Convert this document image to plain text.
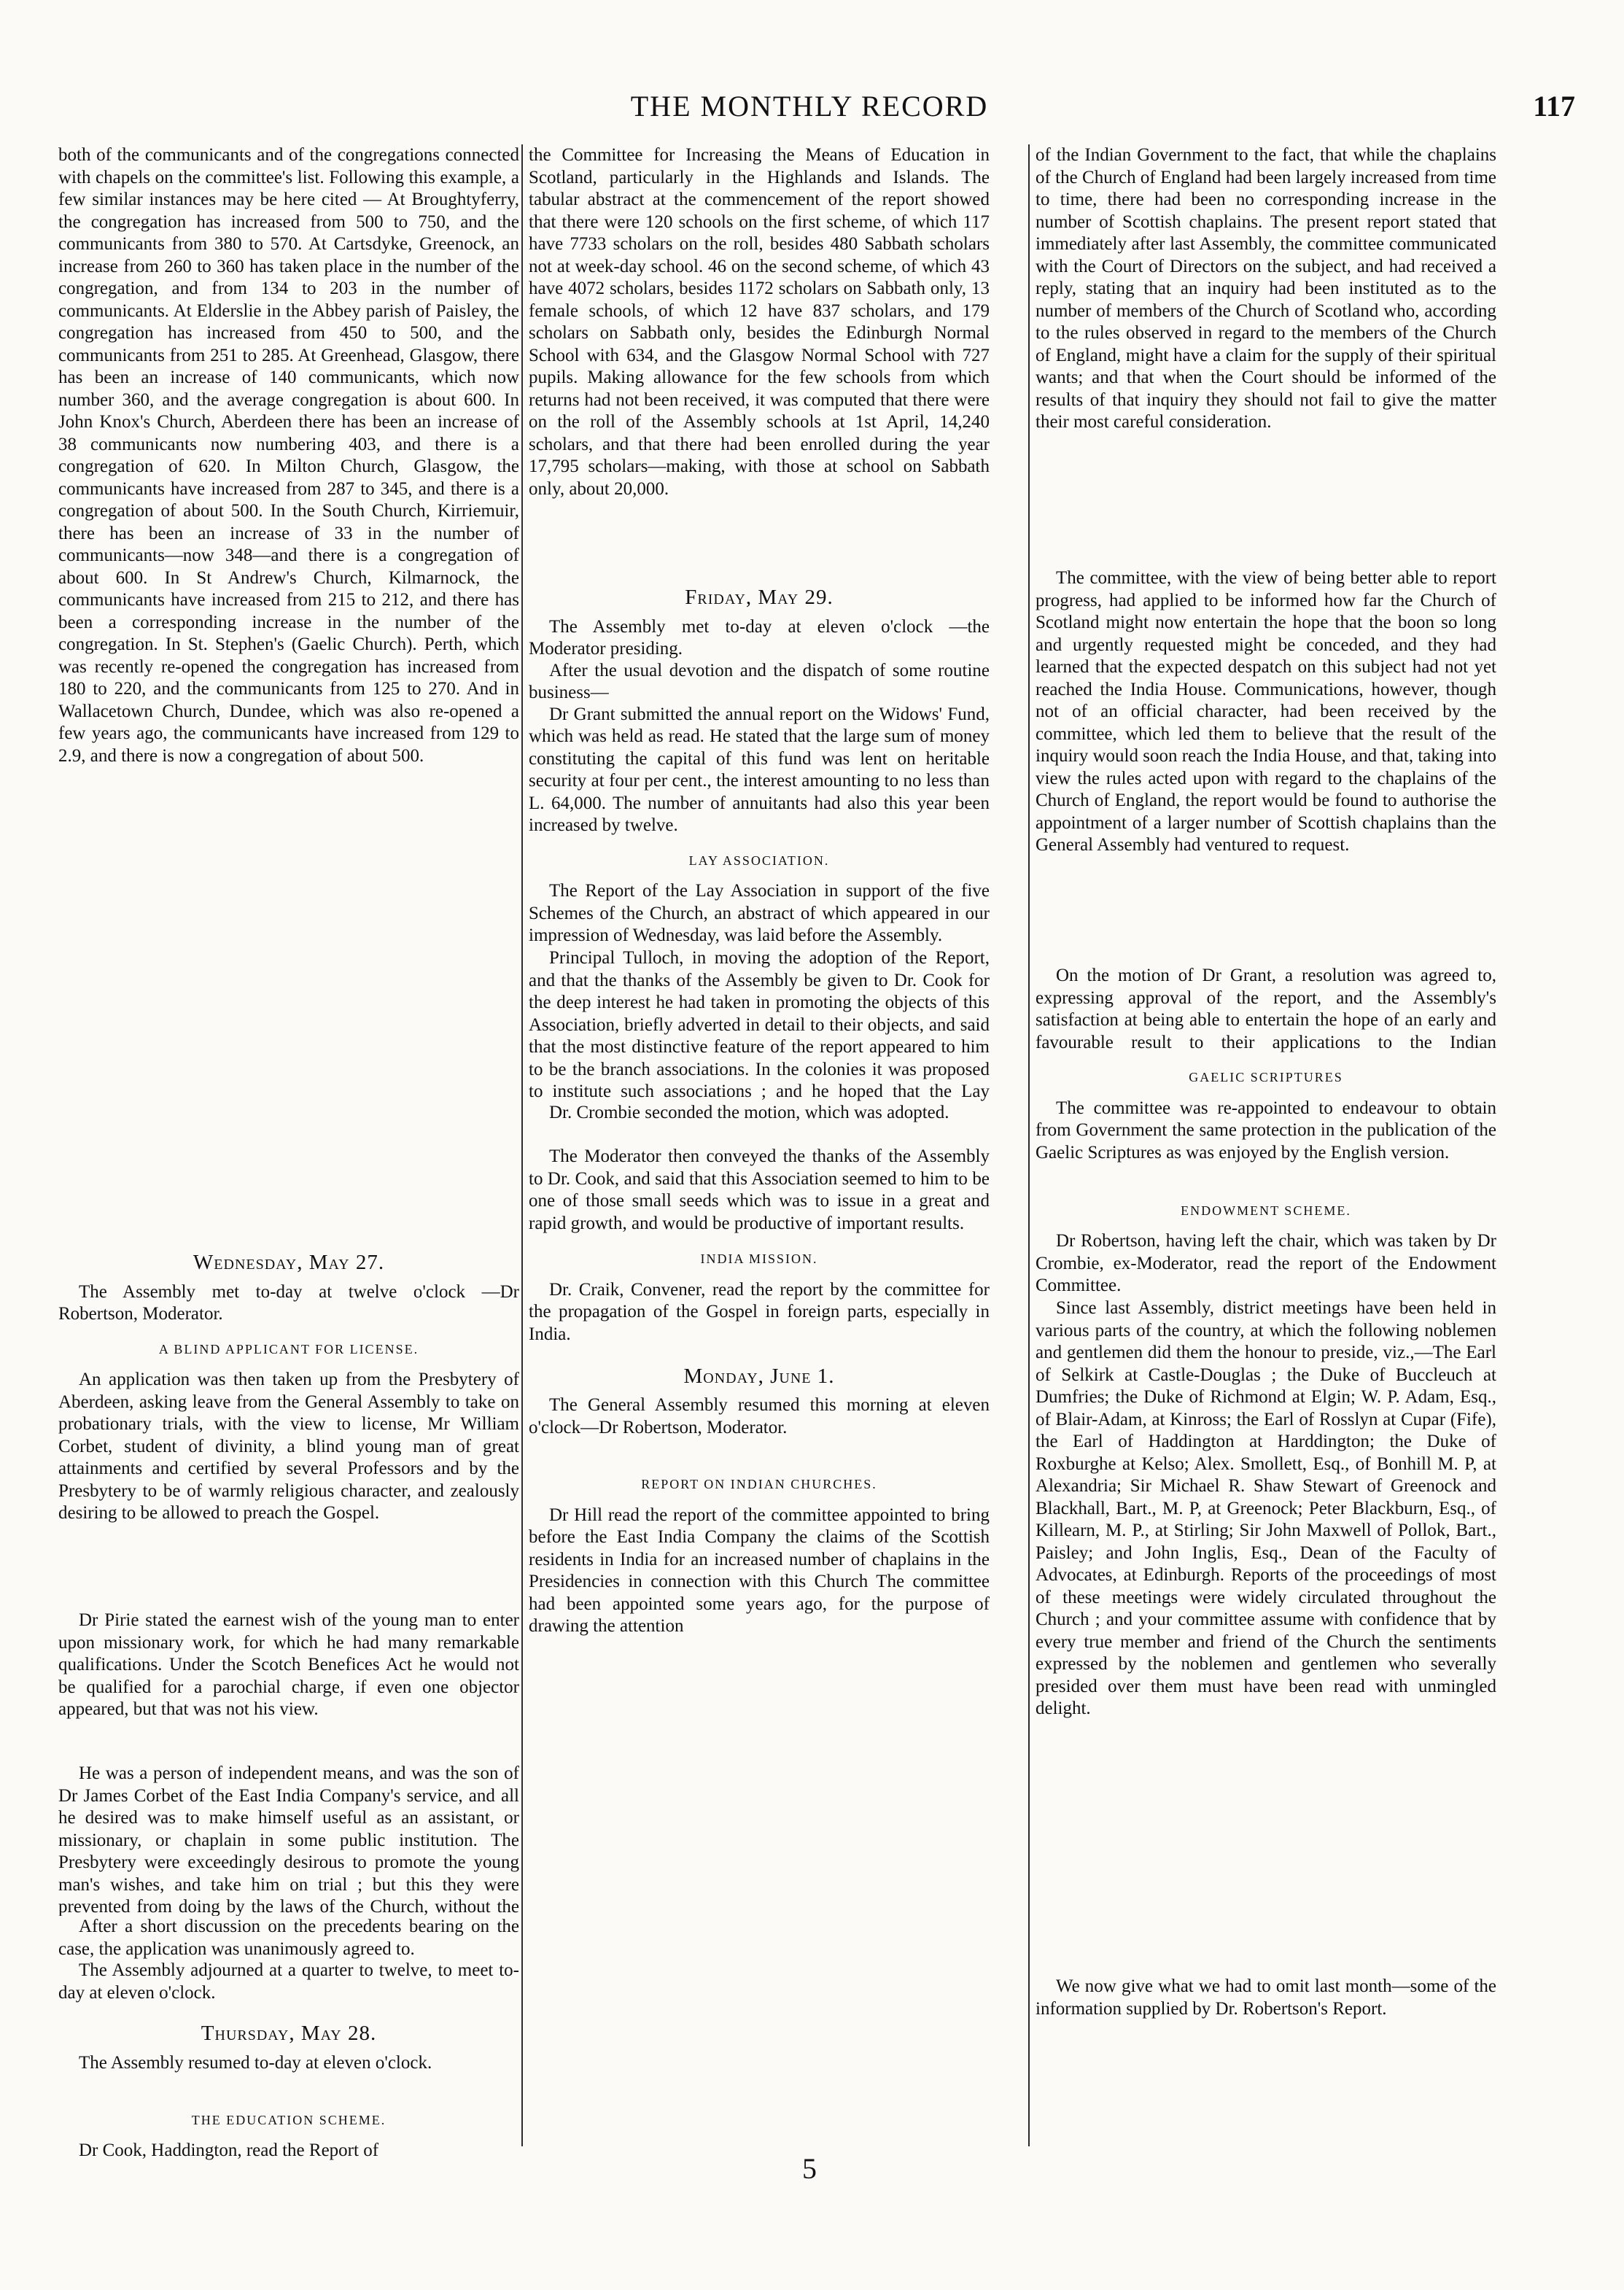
THE MONTHLY RECORD	117

both of the communicants and of the congregations connected with chapels on the committee's list. Following this example, a few similar instances may be here cited — At Broughtyferry, the congregation has increased from 500 to 750, and the communicants from 380 to 570. At Cartsdyke, Greenock, an increase from 260 to 360 has taken place in the number of the congregation, and from 134 to 203 in the number of communicants. At Elderslie in the Abbey parish of Paisley, the congregation has increased from 450 to 500, and the communicants from 251 to 285. At Greenhead, Glasgow, there has been an increase of 140 communicants, which now number 360, and the average congregation is about 600. In John Knox's Church, Aberdeen there has been an increase of 38 communicants now numbering 403, and there is a congregation of 620. In Milton Church, Glasgow, the communicants have increased from 287 to 345, and there is a congregation of about 500. In the South Church, Kirriemuir, there has been an increase of 33 in the number of communicants—now 348—and there is a congregation of about 600. In St Andrew's Church, Kilmarnock, the communicants have increased from 215 to 212, and there has been a corresponding increase in the number of the congregation. In St. Stephen's (Gaelic Church). Perth, which was recently re-opened the congregation has increased from 180 to 220, and the communicants from 125 to 270. And in Wallacetown Church, Dundee, which was also re-opened a few years ago, the communicants have increased from 129 to 2.9, and there is now a congregation of about 500.

Wednesday, May 27.

The Assembly met to-day at twelve o'clock —Dr Robertson, Moderator.

A BLIND APPLICANT FOR LICENSE.

An application was then taken up from the Presbytery of Aberdeen, asking leave from the General Assembly to take on probationary trials, with the view to license, Mr William Corbet, student of divinity, a blind young man of great attainments and certified by several Professors and by the Presbytery to be of warmly religious character, and zealously desiring to be allowed to preach the Gospel.

Dr Pirie stated the earnest wish of the young man to enter upon missionary work, for which he had many remarkable qualifications. Under the Scotch Benefices Act he would not be qualified for a parochial charge, if even one objector appeared, but that was not his view.

He was a person of independent means, and was the son of Dr James Corbet of the East India Company's service, and all he desired was to make himself useful as an assistant, or missionary, or chaplain in some public institution. The Presbytery were exceedingly desirous to promote the young man's wishes, and take him on trial ; but this they were prevented from doing by the laws of the Church, without the

After a short discussion on the precedents bearing on the case, the application was unanimously agreed to.

The Assembly adjourned at a quarter to twelve, to meet to-day at eleven o'clock.

Thursday, May 28.

The Assembly resumed to-day at eleven o'clock.

THE EDUCATION SCHEME.

Dr Cook, Haddington, read the Report of

the Committee for Increasing the Means of Education in Scotland, particularly in the Highlands and Islands. The tabular abstract at the commencement of the report showed that there were 120 schools on the first scheme, of which 117 have 7733 scholars on the roll, besides 480 Sabbath scholars not at week-day school. 46 on the second scheme, of which 43 have 4072 scholars, besides 1172 scholars on Sabbath only, 13 female schools, of which 12 have 837 scholars, and 179 scholars on Sabbath only, besides the Edinburgh Normal School with 634, and the Glasgow Normal School with 727 pupils. Making allowance for the few schools from which returns had not been received, it was computed that there were on the roll of the Assembly schools at 1st April, 14,240 scholars, and that there had been enrolled during the year 17,795 scholars—making, with those at school on Sabbath only, about 20,000.

Friday, May 29.

The Assembly met to-day at eleven o'clock —the Moderator presiding.

After the usual devotion and the dispatch of some routine business—

Dr Grant submitted the annual report on the Widows' Fund, which was held as read. He stated that the large sum of money constituting the capital of this fund was lent on heritable security at four per cent., the interest amounting to no less than L. 64,000. The number of annuitants had also this year been increased by twelve.

LAY ASSOCIATION.

The Report of the Lay Association in support of the five Schemes of the Church, an abstract of which appeared in our impression of Wednesday, was laid before the Assembly.

Principal Tulloch, in moving the adoption of the Report, and that the thanks of the Assembly be given to Dr. Cook for the deep interest he had taken in promoting the objects of this Association, briefly adverted in detail to their objects, and said that the most distinctive feature of the report appeared to him to be the branch associations. In the colonies it was proposed to institute such associations ; and he hoped that the Lay

Dr. Crombie seconded the motion, which was adopted.

The Moderator then conveyed the thanks of the Assembly to Dr. Cook, and said that this Association seemed to him to be one of those small seeds which was to issue in a great and rapid growth, and would be productive of important results.

INDIA MISSION.

Dr. Craik, Convener, read the report by the committee for the propagation of the Gospel in foreign parts, especially in India.

Monday, June 1.

The General Assembly resumed this morning at eleven o'clock—Dr Robertson, Moderator.

REPORT ON INDIAN CHURCHES.

Dr Hill read the report of the committee appointed to bring before the East India Company the claims of the Scottish residents in India for an increased number of chaplains in the Presidencies in connection with this Church The committee had been appointed some years ago, for the purpose of drawing the attention

of the Indian Government to the fact, that while the chaplains of the Church of England had been largely increased from time to time, there had been no corresponding increase in the number of Scottish chaplains. The present report stated that immediately after last Assembly, the committee communicated with the Court of Directors on the subject, and had received a reply, stating that an inquiry had been instituted as to the number of members of the Church of Scotland who, according to the rules observed in regard to the members of the Church of England, might have a claim for the supply of their spiritual wants; and that when the Court should be informed of the results of that inquiry they should not fail to give the matter their most careful consideration.

The committee, with the view of being better able to report progress, had applied to be informed how far the Church of Scotland might now entertain the hope that the boon so long and urgently requested might be conceded, and they had learned that the expected despatch on this subject had not yet reached the India House. Communications, however, though not of an official character, had been received by the committee, which led them to believe that the result of the inquiry would soon reach the India House, and that, taking into view the rules acted upon with regard to the chaplains of the Church of England, the report would be found to authorise the appointment of a larger number of Scottish chaplains than the General Assembly had ventured to request.

On the motion of Dr Grant, a resolution was agreed to, expressing approval of the report, and the Assembly's satisfaction at being able to entertain the hope of an early and favourable result to their applications to the Indian

GAELIC SCRIPTURES

The committee was re-appointed to endeavour to obtain from Government the same protection in the publication of the Gaelic Scriptures as was enjoyed by the English version.

ENDOWMENT SCHEME.

Dr Robertson, having left the chair, which was taken by Dr Crombie, ex-Moderator, read the report of the Endowment Committee.

Since last Assembly, district meetings have been held in various parts of the country, at which the following noblemen and gentlemen did them the honour to preside, viz.,—The Earl of Selkirk at Castle-Douglas ; the Duke of Buccleuch at Dumfries; the Duke of Richmond at Elgin; W. P. Adam, Esq., of Blair-Adam, at Kinross; the Earl of Rosslyn at Cupar (Fife), the Earl of Haddington at Harddington; the Duke of Roxburghe at Kelso; Alex. Smollett, Esq., of Bonhill M. P, at Alexandria; Sir Michael R. Shaw Stewart of Greenock and Blackhall, Bart., M. P, at Greenock; Peter Blackburn, Esq., of Killearn, M. P., at Stirling; Sir John Maxwell of Pollok, Bart., Paisley; and John Inglis, Esq., Dean of the Faculty of Advocates, at Edinburgh. Reports of the proceedings of most of these meetings were widely circulated throughout the Church ; and your committee assume with confidence that by every true member and friend of the Church the sentiments expressed by the noblemen and gentlemen who severally presided over them must have been read with unmingled delight.

We now give what we had to omit last month—some of the information supplied by Dr. Robertson's Report.

5
